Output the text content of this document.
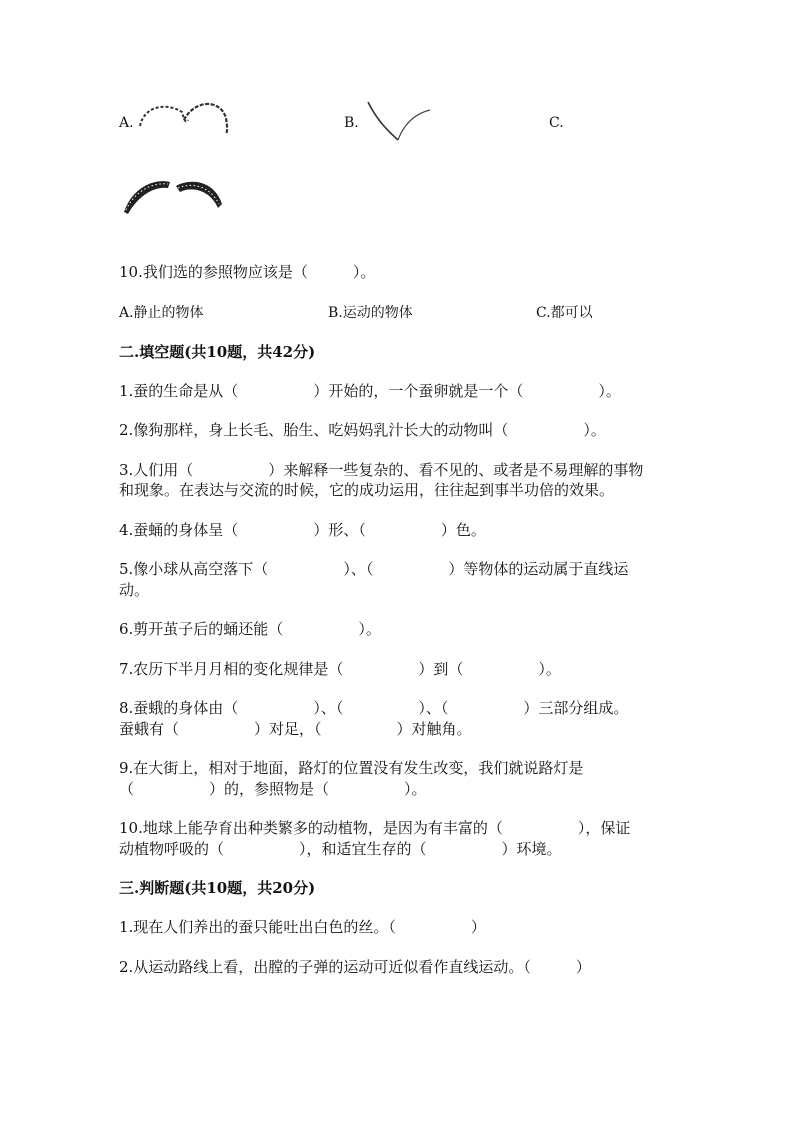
A.	B.	C.
10.我们选的参照物应该是（　　　）。
A.静止的物体	B.运动的物体	C.都可以
二.填空题(共10题，共42分)
1.蚕的生命是从（　　　　　）开始的，一个蚕卵就是一个（　　　　　）。
2.像狗那样，身上长毛、胎生、吃妈妈乳汁长大的动物叫（　　　　　）。
3.人们用（　　　　　）来解释一些复杂的、看不见的、或者是不易理解的事物
和现象。在表达与交流的时候，它的成功运用，往往起到事半功倍的效果。
4.蚕蛹的身体呈（　　　　　）形、（　　　　　）色。
5.像小球从高空落下（　　　　　）、（　　　　　）等物体的运动属于直线运
动。
6.剪开茧子后的蛹还能（　　　　　）。
7.农历下半月月相的变化规律是（　　　　　）到（　　　　　）。
8.蚕蛾的身体由（　　　　　）、（　　　　　）、（　　　　　）三部分组成。
蚕蛾有（　　　　　）对足，（　　　　　）对触角。
9.在大街上，相对于地面，路灯的位置没有发生改变，我们就说路灯是
（　　　　　）的，参照物是（　　　　　）。
10.地球上能孕育出种类繁多的动植物，是因为有丰富的（　　　　　），保证
动植物呼吸的（　　　　　），和适宜生存的（　　　　　）环境。
三.判断题(共10题，共20分)
1.现在人们养出的蚕只能吐出白色的丝。（　　　　　）
2.从运动路线上看，出膛的子弹的运动可近似看作直线运动。（　　　）
